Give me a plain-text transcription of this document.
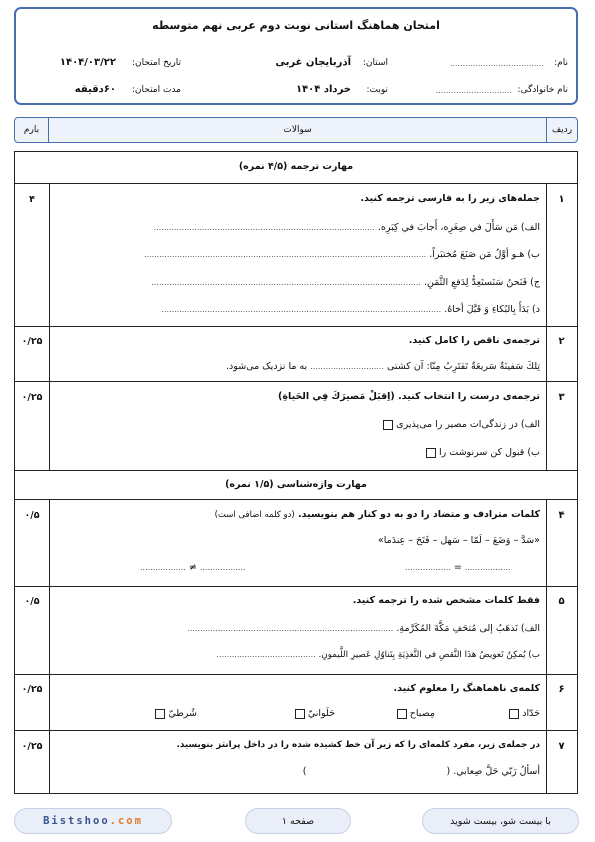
امتحان هماهنگ استانی نوبت دوم عربی نهم متوسطه
نام:
.....................................
نام خانوادگی:
..............................
استان:
آذربایجان غربی
نوبت:
خرداد ۱۴۰۴
تاریخ امتحان:
۱۴۰۴/۰۳/۲۲
مدت امتحان:
۶۰دقیقه
ردیف
سوالات
بارم
مهارت ترجمه (۴/۵ نمره)
۱
۴	جمله‌های زیر را به فارسی ترجمه کنید.
الف) مَن سَأَلَ في صِغَرِه، أَجابَ في كِبَرِه. .......................................................................................
ب) هـو أوَّلُ مَن صَنَعَ مُختبَراً. ...............................................................................................................
ج) فَنَحنُ سَنَستَعِدُّ لِدَفعِ الثَّمَنِ. ..........................................................................................................
د) بَدَأَ بِالبُكاءِ وَ قَبَّلَ أخاهُ. ..............................................................................................................
۲
۰/۲۵	ترجمه‌ی ناقص را کامل کنید.
تِلكَ سَفينَةٌ سَريعَةٌ تَقتَرِبُ مِنّا: آن كشتی ............................. به ما نزدیک می‌شود.
۳
۰/۲۵	ترجمه‌ی درست را انتخاب کنید. (اِقبَلْ مَصيرَكَ فِي الحَياةِ)
الف) در زندگی‌ات مصیر را می‌پذیری
ب) قبول کن سرنوشت را
مهارت واژه‌شناسی (۱/۵ نمره)
۴
۰/۵	کلمات مترادف و متضاد را دو به دو کنار هم بنویسید. (دو کلمه اضافی است)
«سَدَّ – وَضَعَ – لَمّا – سَهل – فَتَحَ – عِندَما»
.................. = ..................
.................. ≠ ..................
۵
۰/۵	فقط کلمات مشخص شده را ترجمه کنید.
الف) نَذهَبُ إلى مُتحَفِ مَكَّةَ المُكَرَّمةِ. .................................................................................
ب) يُمكِنُ تَعويضُ هذَا النَّقصِ في التَّغذِيَةِ بِتَناوُلِ عَصيرِ اللَّيمونِ. .......................................
۶
۰/۲۵	کلمه‌ی ناهماهنگ را معلوم کنید.
حَدّاد
مِصباح
حَلَوانيّ
شُرطيّ
۷
۰/۲۵	در جمله‌ی زیر، مفرد کلمه‌ای را که زیر آن خط کشیده شده را در داخل پرانتز بنویسید.
أسألُ رَبّي حَلَّ صِعابي. ()
با بیست شو، بیست شوید
صفحه ۱
Bistshoo.com
